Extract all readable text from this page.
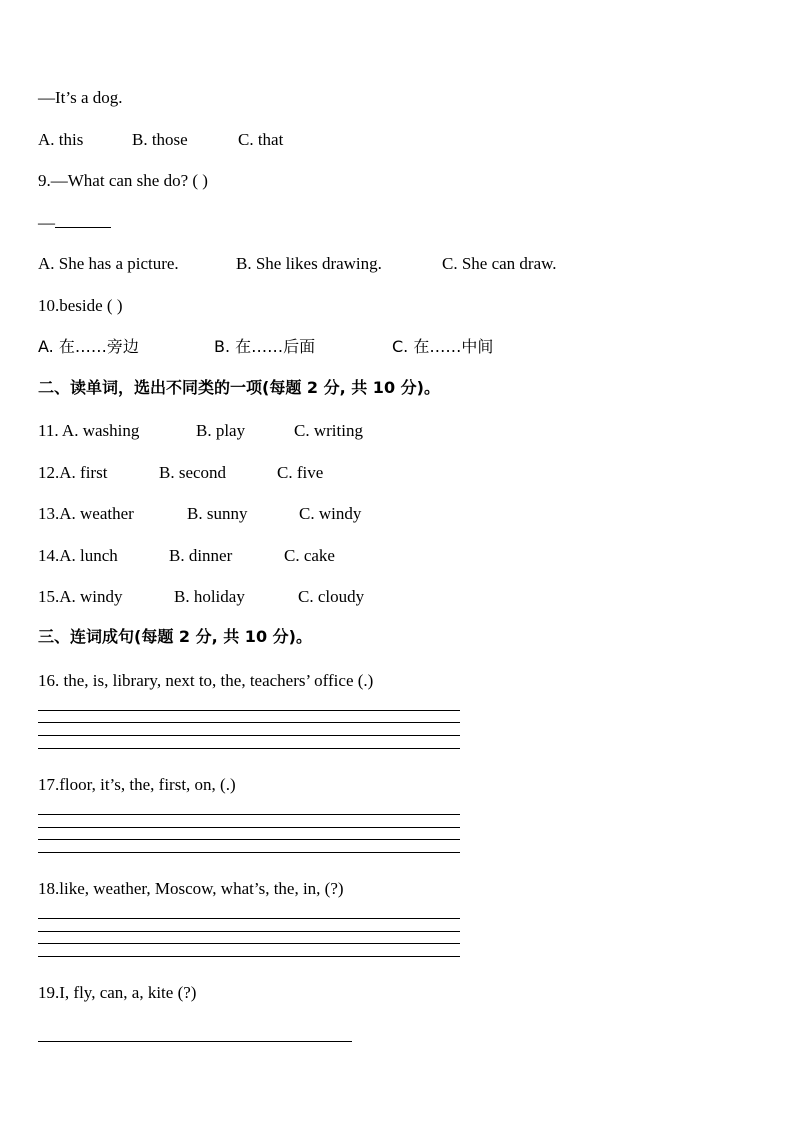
—It’s a dog.
A. this	B. those	C. that
9.—What can she do? ( )
—
A. She has a picture.	B. She likes drawing.	C. She can draw.
10.beside ( )
A. 在……旁边	B. 在……后面	C. 在……中间
二、读单词，选出不同类的一项(每题 2 分, 共 10 分)。
11. A. washing	B. play	C. writing
12.A. first	B. second	C. five
13.A. weather	B. sunny	C. windy
14.A. lunch	B. dinner	C. cake
15.A. windy	B. holiday	C. cloudy
三、连词成句(每题 2 分, 共 10 分)。
16. the, is, library, next to, the, teachers’ office (.)
17.floor, it’s, the, first, on, (.)
18.like, weather, Moscow, what’s, the, in, (?)
19.I, fly, can, a, kite (?)
